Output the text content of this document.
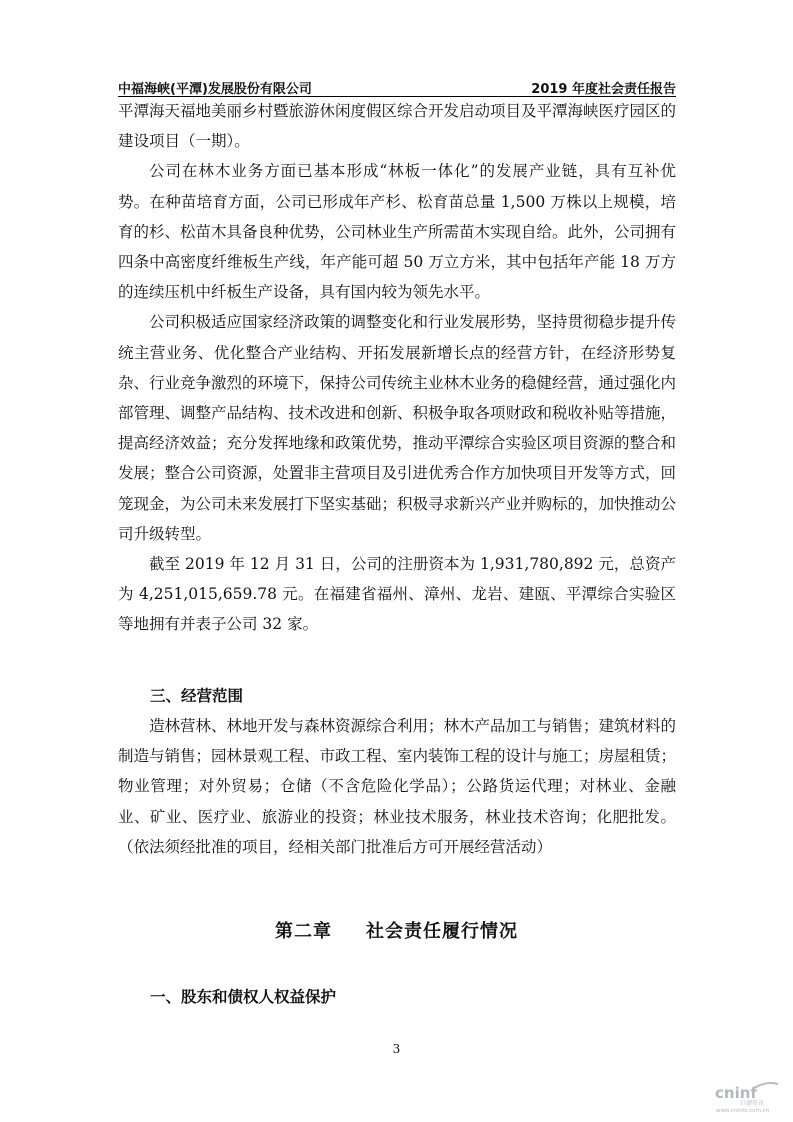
中福海峡(平潭)发展股份有限公司	2019 年度社会责任报告

平潭海天福地美丽乡村暨旅游休闲度假区综合开发启动项目及平潭海峡医疗园区的建设项目（一期）。

公司在林木业务方面已基本形成“林板一体化”的发展产业链，具有互补优势。在种苗培育方面，公司已形成年产杉、松育苗总量 1,500 万株以上规模，培育的杉、松苗木具备良种优势，公司林业生产所需苗木实现自给。此外，公司拥有四条中高密度纤维板生产线，年产能可超 50 万立方米，其中包括年产能 18 万方的连续压机中纤板生产设备，具有国内较为领先水平。

公司积极适应国家经济政策的调整变化和行业发展形势，坚持贯彻稳步提升传统主营业务、优化整合产业结构、开拓发展新增长点的经营方针，在经济形势复杂、行业竞争激烈的环境下，保持公司传统主业林木业务的稳健经营，通过强化内部管理、调整产品结构、技术改进和创新、积极争取各项财政和税收补贴等措施，提高经济效益；充分发挥地缘和政策优势，推动平潭综合实验区项目资源的整合和发展；整合公司资源，处置非主营项目及引进优秀合作方加快项目开发等方式，回笼现金，为公司未来发展打下坚实基础；积极寻求新兴产业并购标的，加快推动公司升级转型。

截至 2019 年 12 月 31 日，公司的注册资本为 1,931,780,892 元，总资产为 4,251,015,659.78 元。在福建省福州、漳州、龙岩、建瓯、平潭综合实验区等地拥有并表子公司 32 家。

三、经营范围

造林营林、林地开发与森林资源综合利用；林木产品加工与销售；建筑材料的制造与销售；园林景观工程、市政工程、室内装饰工程的设计与施工；房屋租赁；物业管理；对外贸易；仓储（不含危险化学品）；公路货运代理；对林业、金融业、矿业、医疗业、旅游业的投资；林业技术服务，林业技术咨询；化肥批发。（依法须经批准的项目，经相关部门批准后方可开展经营活动）

第二章 社会责任履行情况
一、股东和债权人权益保护
3
cninf
巨潮资讯
www.cninfo.com.cn
